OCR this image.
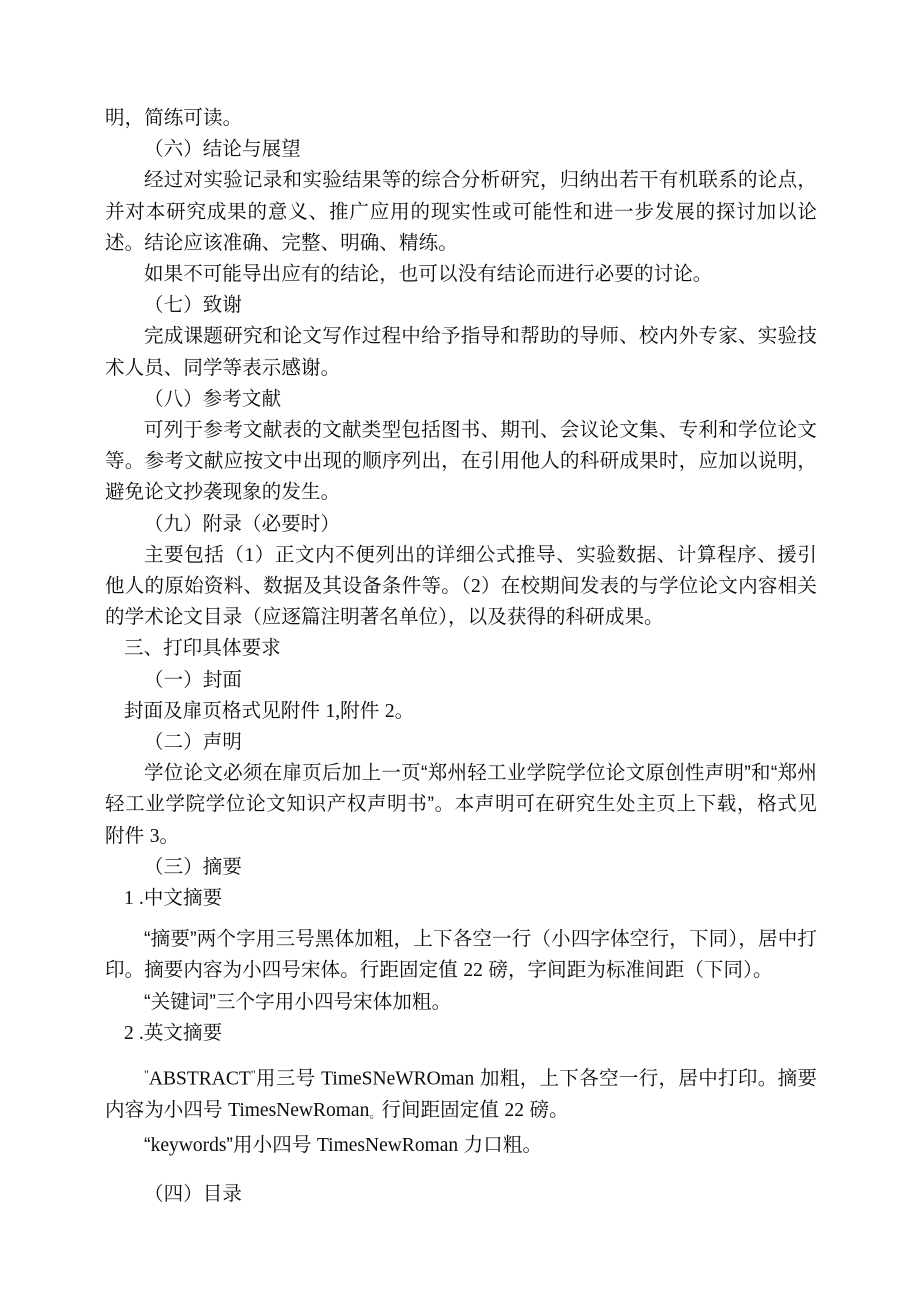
明，简练可读。

（六）结论与展望

经过对实验记录和实验结果等的综合分析研究，归纳出若干有机联系的论点，并对本研究成果的意义、推广应用的现实性或可能性和进一步发展的探讨加以论述。结论应该准确、完整、明确、精练。

如果不可能导出应有的结论，也可以没有结论而进行必要的讨论。

（七）致谢

完成课题研究和论文写作过程中给予指导和帮助的导师、校内外专家、实验技术人员、同学等表示感谢。

（八）参考文献

可列于参考文献表的文献类型包括图书、期刊、会议论文集、专利和学位论文等。参考文献应按文中出现的顺序列出，在引用他人的科研成果时，应加以说明，避免论文抄袭现象的发生。

（九）附录（必要时）

主要包括（1）正文内不便列出的详细公式推导、实验数据、计算程序、援引他人的原始资料、数据及其设备条件等。（2）在校期间发表的与学位论文内容相关的学术论文目录（应逐篇注明著名单位），以及获得的科研成果。

三、打印具体要求

（一）封面

封面及扉页格式见附件 1,附件 2。

（二）声明

学位论文必须在扉页后加上一页“郑州轻工业学院学位论文原创性声明”和“郑州轻工业学院学位论文知识产权声明书”。本声明可在研究生处主页上下载，格式见附件 3。

（三）摘要

1 .中文摘要

“摘要”两个字用三号黑体加粗，上下各空一行（小四字体空行，下同），居中打印。摘要内容为小四号宋体。行距固定值 22 磅，字间距为标准间距（下同）。

“关键词”三个字用小四号宋体加粗。

2 .英文摘要

"ABSTRACT"用三号 TimeSNeWROman 加粗，上下各空一行，居中打印。摘要内容为小四号 TimesNewRoman。行间距固定值 22 磅。

“keywords”用小四号 TimesNewRoman 力口粗。

（四）目录
